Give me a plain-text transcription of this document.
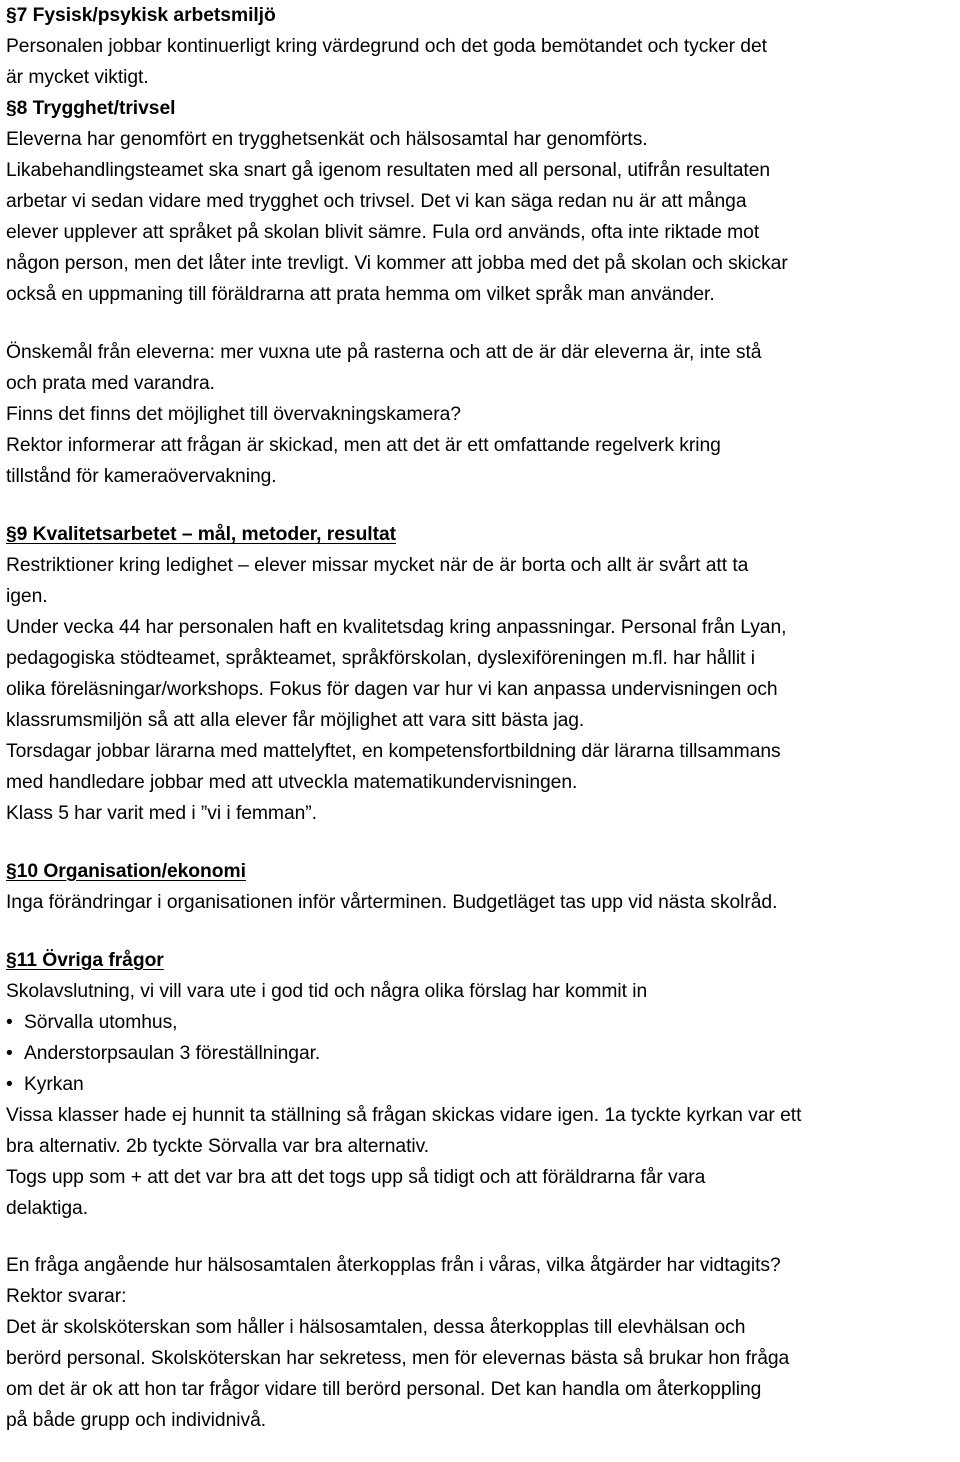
§7 Fysisk/psykisk arbetsmiljö
Personalen jobbar kontinuerligt kring värdegrund och det goda bemötandet och tycker det
är mycket viktigt.
§8 Trygghet/trivsel
Eleverna har genomfört en trygghetsenkät och hälsosamtal har genomförts.
Likabehandlingsteamet ska snart gå igenom resultaten med all personal, utifrån resultaten
arbetar vi sedan vidare med trygghet och trivsel. Det vi kan säga redan nu är att många
elever upplever att språket på skolan blivit sämre. Fula ord används, ofta inte riktade mot
någon person, men det låter inte trevligt. Vi kommer att jobba med det på skolan och skickar
också en uppmaning till föräldrarna att prata hemma om vilket språk man använder.
Önskemål från eleverna: mer vuxna ute på rasterna och att de är där eleverna är, inte stå
och prata med varandra.
Finns det finns det möjlighet till övervakningskamera?
Rektor informerar att frågan är skickad, men att det är ett omfattande regelverk kring
tillstånd för kameraövervakning.
§9 Kvalitetsarbetet – mål, metoder, resultat
Restriktioner kring ledighet – elever missar mycket när de är borta och allt är svårt att ta
igen.
Under vecka 44 har personalen haft en kvalitetsdag kring anpassningar. Personal från Lyan,
pedagogiska stödteamet, språkteamet, språkförskolan, dyslexiföreningen m.fl. har hållit i
olika föreläsningar/workshops. Fokus för dagen var hur vi kan anpassa undervisningen och
klassrumsmiljön så att alla elever får möjlighet att vara sitt bästa jag.
Torsdagar jobbar lärarna med mattelyftet, en kompetensfortbildning där lärarna tillsammans
med handledare jobbar med att utveckla matematikundervisningen.
Klass 5 har varit med i ”vi i femman”.
§10 Organisation/ekonomi
Inga förändringar i organisationen inför vårterminen. Budgetläget tas upp vid nästa skolråd.
§11 Övriga frågor
Skolavslutning, vi vill vara ute i god tid och några olika förslag har kommit in
• Sörvalla utomhus,
• Anderstorpsaulan 3 föreställningar.
• Kyrkan
Vissa klasser hade ej hunnit ta ställning så frågan skickas vidare igen. 1a tyckte kyrkan var ett
bra alternativ. 2b tyckte Sörvalla var bra alternativ.
Togs upp som + att det var bra att det togs upp så tidigt och att föräldrarna får vara
delaktiga.
En fråga angående hur hälsosamtalen återkopplas från i våras, vilka åtgärder har vidtagits?
Rektor svarar:
Det är skolsköterskan som håller i hälsosamtalen, dessa återkopplas till elevhälsan och
berörd personal. Skolsköterskan har sekretess, men för elevernas bästa så brukar hon fråga
om det är ok att hon tar frågor vidare till berörd personal. Det kan handla om återkoppling
på både grupp och individnivå.
